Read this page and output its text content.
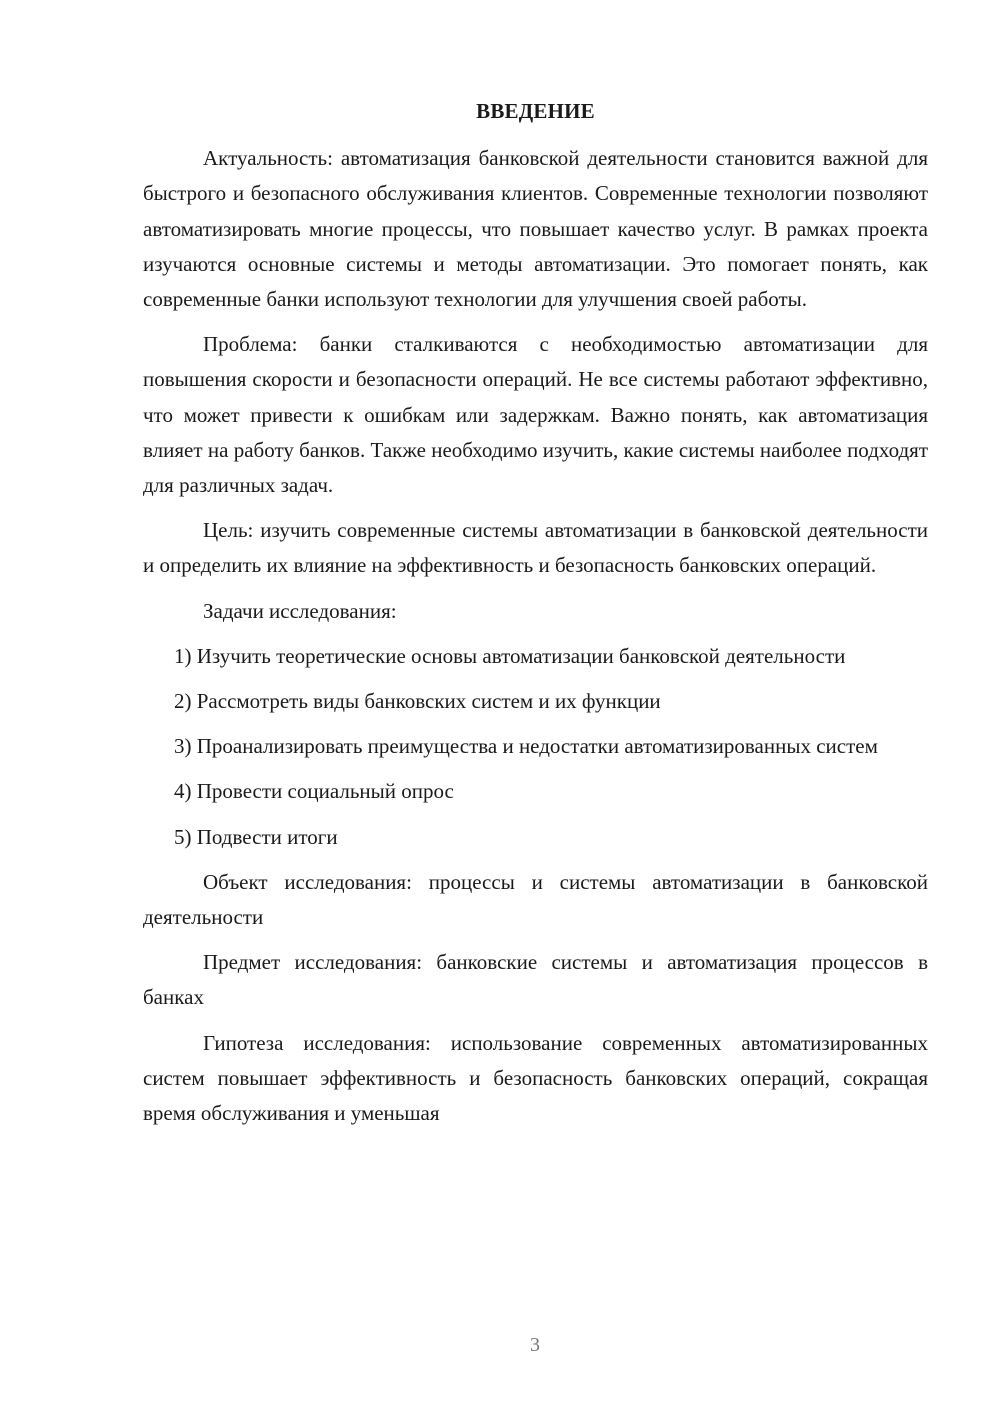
ВВЕДЕНИЕ

Актуальность: автоматизация банковской деятельности становится важной для быстрого и безопасного обслуживания клиентов. Современные технологии позволяют автоматизировать многие процессы, что повышает качество услуг. В рамках проекта изучаются основные системы и методы автоматизации. Это помогает понять, как современные банки используют технологии для улучшения своей работы.

Проблема: банки сталкиваются с необходимостью автоматизации для повышения скорости и безопасности операций. Не все системы работают эффективно, что может привести к ошибкам или задержкам. Важно понять, как автоматизация влияет на работу банков. Также необходимо изучить, какие системы наиболее подходят для различных задач.

Цель: изучить современные системы автоматизации в банковской деятельности и определить их влияние на эффективность и безопасность банковских операций.

Задачи исследования:

1) Изучить теоретические основы автоматизации банковской деятельности

2) Рассмотреть виды банковских систем и их функции

3) Проанализировать преимущества и недостатки автоматизированных систем

4) Провести социальный опрос

5) Подвести итоги

Объект исследования: процессы и системы автоматизации в банковской деятельности

Предмет исследования: банковские системы и автоматизация процессов в банках

Гипотеза исследования: использование современных автоматизированных систем повышает эффективность и безопасность банковских операций, сокращая время обслуживания и уменьшая

3
